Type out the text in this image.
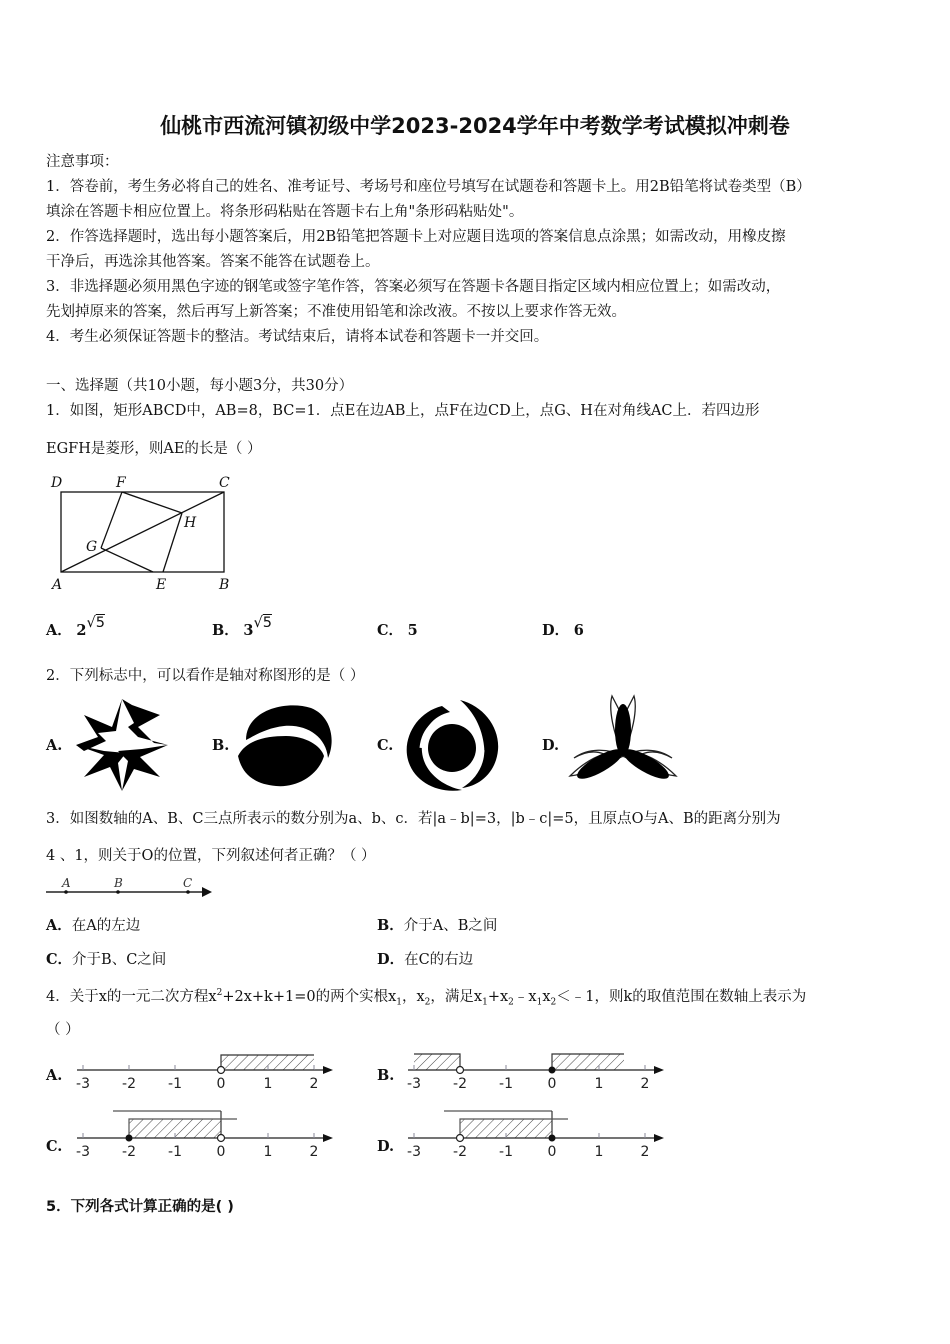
仙桃市西流河镇初级中学2023-2024学年中考数学考试模拟冲刺卷
注意事项：
1．答卷前，考生务必将自己的姓名、准考证号、考场号和座位号填写在试题卷和答题卡上。用2B铅笔将试卷类型（B）
填涂在答题卡相应位置上。将条形码粘贴在答题卡右上角"条形码粘贴处"。
2．作答选择题时，选出每小题答案后，用2B铅笔把答题卡上对应题目选项的答案信息点涂黑；如需改动，用橡皮擦
干净后，再选涂其他答案。答案不能答在试题卷上。
3．非选择题必须用黑色字迹的钢笔或签字笔作答，答案必须写在答题卡各题目指定区域内相应位置上；如需改动，
先划掉原来的答案，然后再写上新答案；不准使用铅笔和涂改液。不按以上要求作答无效。
4．考生必须保证答题卡的整洁。考试结束后，请将本试卷和答题卡一并交回。
一、选择题（共10小题，每小题3分，共30分）
1．如图，矩形ABCD中，AB=8，BC=1．点E在边AB上，点F在边CD上，点G、H在对角线AC上．若四边形
EGFH是菱形，则AE的长是（ ）
D	F	C
H
G
A	E	B
A． 2√5	B． 3√5	C． 5	D． 6
2．下列标志中，可以看作是轴对称图形的是（ ）
A.	B.	C.	D.
3．如图数轴的A、B、C三点所表示的数分别为a、b、c．若|a﹣b|=3，|b﹣c|=5，且原点O与A、B的距离分别为
4 、1，则关于O的位置，下列叙述何者正确？（ ）
A	B	C
A．在A的左边	B．介于A、B之间
C．介于B、C之间	D．在C的右边
4．关于x的一元二次方程$x^2+2x+k+1=0$的两个实根$x_1$，$x_2$，满足$x_1+x_2﹣x_1x_2<﹣1$，则k的取值范围在数轴上表示为
（ ）
A. -3 -2 -1 0	1	2	B. -3 -2 -1 0	1	2
C. -3 -2 -1 0	1	2	D. -3 -2 -1 0	1	2
5．下列各式计算正确的是( )
